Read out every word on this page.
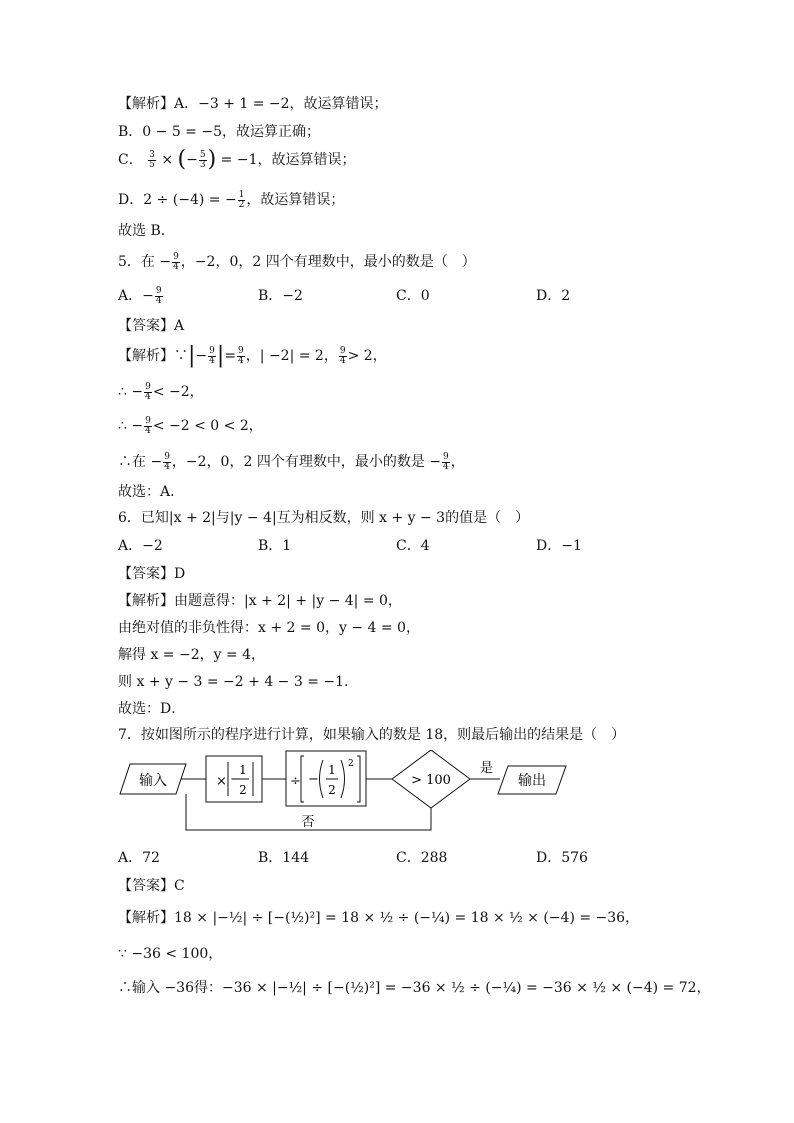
【解析】A．−3 + 1 = −2，故运算错误；
B．0 − 5 = −5，故运算正确；
C． $\frac{3}{5}$ × (− $\frac{5}{3}$ ) = −1，故运算错误；
D．2 ÷ (−4) = − $\frac{1}{2}$ ，故运算错误；
故选 B．
5．在 − $\frac{9}{4}$ ，−2，0，2 四个有理数中，最小的数是（　）
A．− $\frac{9}{4}$	B．−2	C．0	D．2
【答案】A
【解析】∵|− $\frac{9}{4}$ |= $\frac{9}{4}$ ，| −2| = 2， $\frac{9}{4} > 2$，
∴ − $\frac{9}{4} < -2$，
∴ − $\frac{9}{4} < -2 < 0 < 2$，
∴在 − $\frac{9}{4}$ ，−2，0，2 四个有理数中，最小的数是 − $\frac{9}{4}$ ，
故选：A.
6．已知|x + 2|与|y − 4|互为相反数，则 x + y − 3的值是（　）
A．−2	B．1	C．4	D．−1
【答案】D
【解析】由题意得：|x + 2| + |y − 4| = 0，
由绝对值的非负性得：x + 2 = 0，y − 4 = 0，
解得 x = −2，y = 4，
则 x + y − 3 = −2 + 4 − 3 = −1.
故选：D．
7．按如图所示的程序进行计算，如果输入的数是 18，则最后输出的结果是（　）
输入	× −
1
2
÷ −
1
2
2
> 100
是
输出
否
A．72	B．144	C．288	D．576
【答案】C
【解析】18 × |−½| ÷ [−(½)²] = 18 × ½ ÷ (−¼) = 18 × ½ × (−4) = −36，
∵ −36 < 100，
∴输入 −36得：−36 × |−½| ÷ [−(½)²] = −36 × ½ ÷ (−¼) = −36 × ½ × (−4) = 72，
